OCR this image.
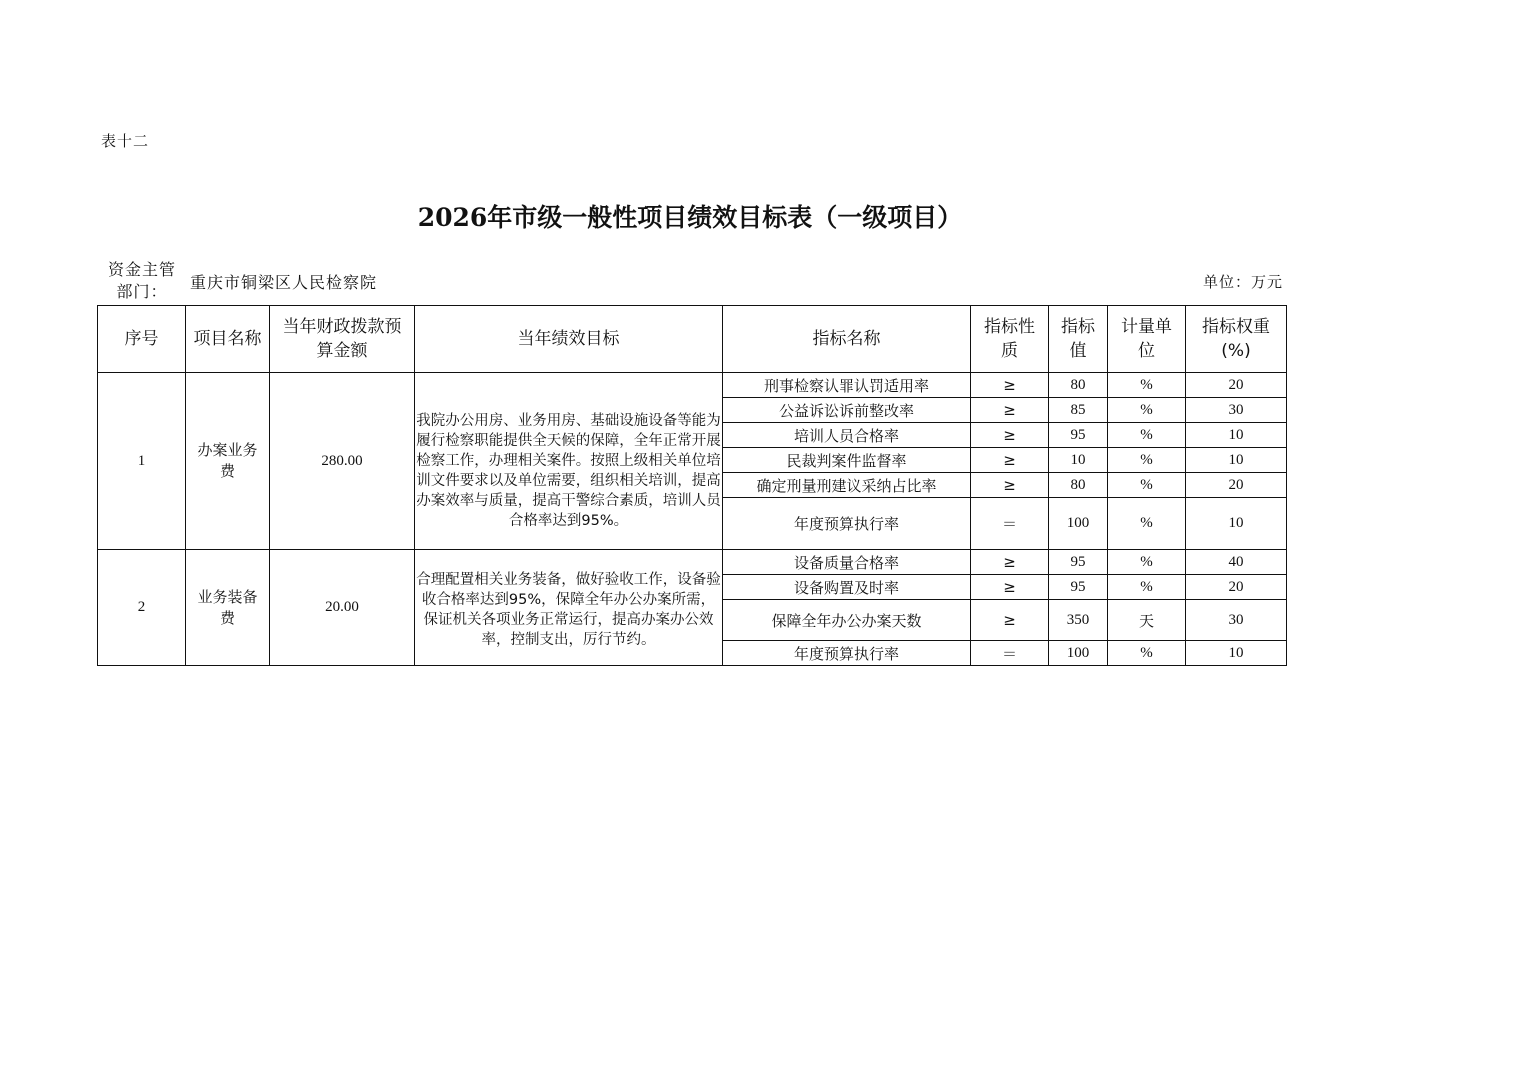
表十二
2026年市级一般性项目绩效目标表（一级项目）
资金主管部门：	重庆市铜梁区人民检察院	单位：万元
序号	项目名称	当年财政拨款预算金额	当年绩效目标	指标名称	指标性质	指标值	计量单位	指标权重(%)
1	办案业务费	280.00	我院办公用房、业务用房、基础设施设备等能为履行检察职能提供全天候的保障，全年正常开展检察工作，办理相关案件。按照上级相关单位培训文件要求以及单位需要，组织相关培训，提高办案效率与质量，提高干警综合素质，培训人员合格率达到95%。	刑事检察认罪认罚适用率	≥	80	%	20
				公益诉讼诉前整改率	≥	85	%	30
				培训人员合格率	≥	95	%	10
				民裁判案件监督率	≥	10	%	10
				确定刑量刑建议采纳占比率	≥	80	%	20
				年度预算执行率	＝	100	%	10
2	业务装备费	20.00	合理配置相关业务装备，做好验收工作，设备验收合格率达到95%，保障全年办公办案所需，保证机关各项业务正常运行，提高办案办公效率，控制支出，厉行节约。	设备质量合格率	≥	95	%	40
				设备购置及时率	≥	95	%	20
				保障全年办公办案天数	≥	350	天	30
				年度预算执行率	＝	100	%	10
